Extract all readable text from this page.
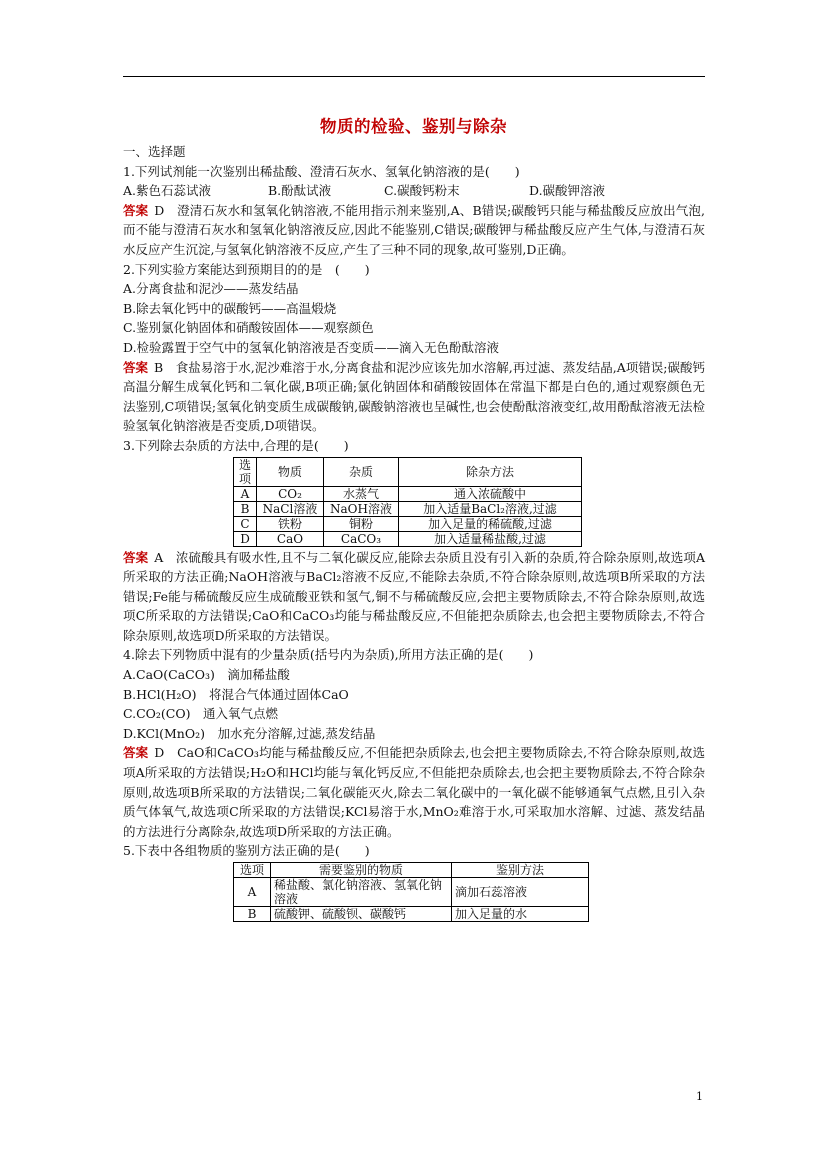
物质的检验、鉴别与除杂
一、选择题
1.下列试剂能一次鉴别出稀盐酸、澄清石灰水、氢氧化钠溶液的是(　　)
A.紫色石蕊试液	B.酚酞试液	C.碳酸钙粉末	D.碳酸钾溶液
答案 D　澄清石灰水和氢氧化钠溶液,不能用指示剂来鉴别,A、B错误;碳酸钙只能与稀盐酸反应放出气泡,而不能与澄清石灰水和氢氧化钠溶液反应,因此不能鉴别,C错误;碳酸钾与稀盐酸反应产生气体,与澄清石灰水反应产生沉淀,与氢氧化钠溶液不反应,产生了三种不同的现象,故可鉴别,D正确。
2.下列实验方案能达到预期目的的是　(　　)
A.分离食盐和泥沙——蒸发结晶
B.除去氧化钙中的碳酸钙——高温煅烧
C.鉴别氯化钠固体和硝酸铵固体——观察颜色
D.检验露置于空气中的氢氧化钠溶液是否变质——滴入无色酚酞溶液
答案 B　食盐易溶于水,泥沙难溶于水,分离食盐和泥沙应该先加水溶解,再过滤、蒸发结晶,A项错误;碳酸钙高温分解生成氧化钙和二氧化碳,B项正确;氯化钠固体和硝酸铵固体在常温下都是白色的,通过观察颜色无法鉴别,C项错误;氢氧化钠变质生成碳酸钠,碳酸钠溶液也呈碱性,也会使酚酞溶液变红,故用酚酞溶液无法检验氢氧化钠溶液是否变质,D项错误。
3.下列除去杂质的方法中,合理的是(　　)
选项	物质	杂质	除杂方法
A	CO₂	水蒸气	通入浓硫酸中
B	NaCl溶液	NaOH溶液	加入适量BaCl₂溶液,过滤
C	铁粉	铜粉	加入足量的稀硫酸,过滤
D	CaO	CaCO₃	加入适量稀盐酸,过滤
答案 A　浓硫酸具有吸水性,且不与二氧化碳反应,能除去杂质且没有引入新的杂质,符合除杂原则,故选项A所采取的方法正确;NaOH溶液与BaCl₂溶液不反应,不能除去杂质,不符合除杂原则,故选项B所采取的方法错误;Fe能与稀硫酸反应生成硫酸亚铁和氢气,铜不与稀硫酸反应,会把主要物质除去,不符合除杂原则,故选项C所采取的方法错误;CaO和CaCO₃均能与稀盐酸反应,不但能把杂质除去,也会把主要物质除去,不符合除杂原则,故选项D所采取的方法错误。
4.除去下列物质中混有的少量杂质(括号内为杂质),所用方法正确的是(　　)
A.CaO(CaCO₃)　滴加稀盐酸
B.HCl(H₂O)　将混合气体通过固体CaO
C.CO₂(CO)　通入氧气点燃
D.KCl(MnO₂)　加水充分溶解,过滤,蒸发结晶
答案 D　CaO和CaCO₃均能与稀盐酸反应,不但能把杂质除去,也会把主要物质除去,不符合除杂原则,故选项A所采取的方法错误;H₂O和HCl均能与氧化钙反应,不但能把杂质除去,也会把主要物质除去,不符合除杂原则,故选项B所采取的方法错误;二氧化碳能灭火,除去二氧化碳中的一氧化碳不能够通氧气点燃,且引入杂质气体氧气,故选项C所采取的方法错误;KCl易溶于水,MnO₂难溶于水,可采取加水溶解、过滤、蒸发结晶的方法进行分离除杂,故选项D所采取的方法正确。
5.下表中各组物质的鉴别方法正确的是(　　)
选项	需要鉴别的物质	鉴别方法
A	稀盐酸、氯化钠溶液、氢氧化钠溶液	滴加石蕊溶液
B	硫酸钾、硫酸钡、碳酸钙	加入足量的水
1
